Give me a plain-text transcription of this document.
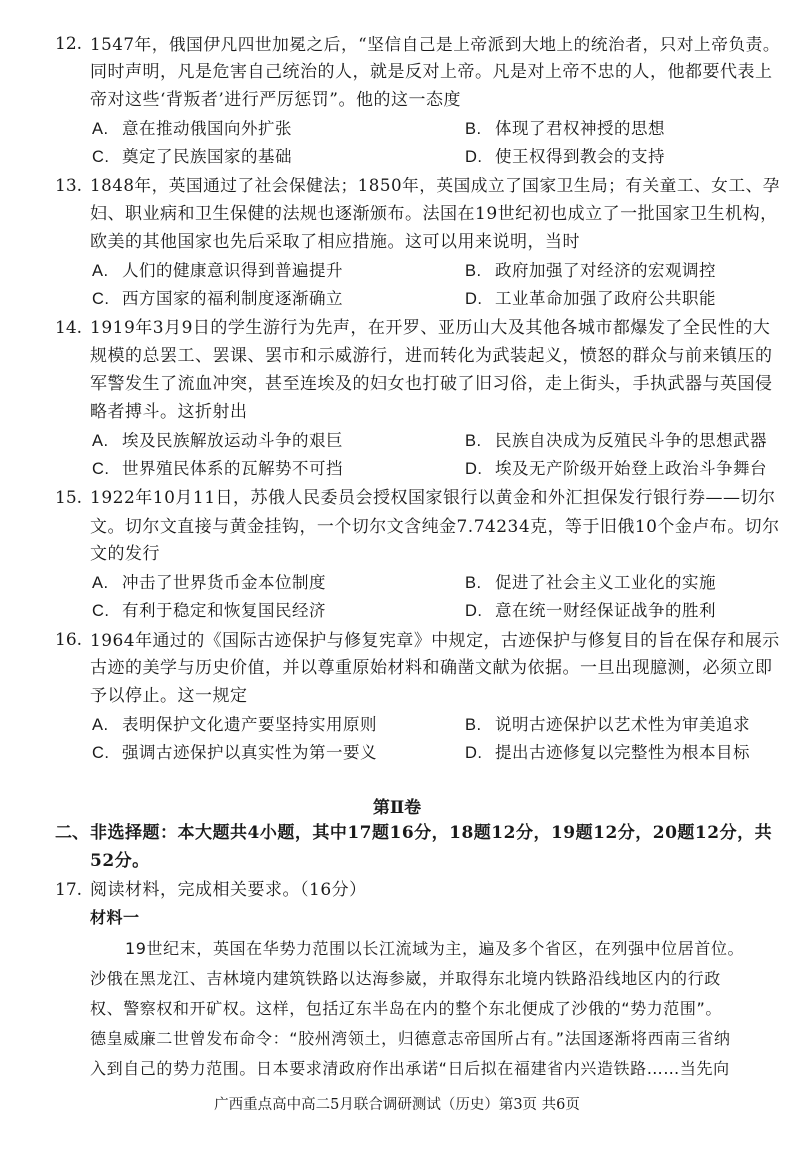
12. 1547年，俄国伊凡四世加冕之后，“坚信自己是上帝派到大地上的统治者，只对上帝负责。
同时声明，凡是危害自己统治的人，就是反对上帝。凡是对上帝不忠的人，他都要代表上
帝对这些‘背叛者’进行严厉惩罚”。他的这一态度
A. 意在推动俄国向外扩张	B. 体现了君权神授的思想
C. 奠定了民族国家的基础	D. 使王权得到教会的支持
13. 1848年，英国通过了社会保健法；1850年，英国成立了国家卫生局；有关童工、女工、孕
妇、职业病和卫生保健的法规也逐渐颁布。法国在19世纪初也成立了一批国家卫生机构，
欧美的其他国家也先后采取了相应措施。这可以用来说明，当时
A. 人们的健康意识得到普遍提升	B. 政府加强了对经济的宏观调控
C. 西方国家的福利制度逐渐确立	D. 工业革命加强了政府公共职能
14. 1919年3月9日的学生游行为先声，在开罗、亚历山大及其他各城市都爆发了全民性的大
规模的总罢工、罢课、罢市和示威游行，进而转化为武装起义，愤怒的群众与前来镇压的
军警发生了流血冲突，甚至连埃及的妇女也打破了旧习俗，走上街头，手执武器与英国侵
略者搏斗。这折射出
A. 埃及民族解放运动斗争的艰巨	B. 民族自决成为反殖民斗争的思想武器
C. 世界殖民体系的瓦解势不可挡	D. 埃及无产阶级开始登上政治斗争舞台
15. 1922年10月11日，苏俄人民委员会授权国家银行以黄金和外汇担保发行银行券——切尔
文。切尔文直接与黄金挂钩，一个切尔文含纯金7.74234克，等于旧俄10个金卢布。切尔
文的发行
A. 冲击了世界货币金本位制度	B. 促进了社会主义工业化的实施
C. 有利于稳定和恢复国民经济	D. 意在统一财经保证战争的胜利
16. 1964年通过的《国际古迹保护与修复宪章》中规定，古迹保护与修复目的旨在保存和展示
古迹的美学与历史价值，并以尊重原始材料和确凿文献为依据。一旦出现臆测，必须立即
予以停止。这一规定
A. 表明保护文化遗产要坚持实用原则	B. 说明古迹保护以艺术性为审美追求
C. 强调古迹保护以真实性为第一要义	D. 提出古迹修复以完整性为根本目标
第Ⅱ卷
二、 非选择题：本大题共4小题，其中17题16分，18题12分，19题12分，20题12分，共
52分。
17. 阅读材料，完成相关要求。（16分）
材料一
19世纪末，英国在华势力范围以长江流域为主，遍及多个省区，在列强中位居首位。
沙俄在黑龙江、吉林境内建筑铁路以达海参崴，并取得东北境内铁路沿线地区内的行政
权、警察权和开矿权。这样，包括辽东半岛在内的整个东北便成了沙俄的“势力范围”。
德皇威廉二世曾发布命令：“胶州湾领土，归德意志帝国所占有。”法国逐渐将西南三省纳
入到自己的势力范围。日本要求清政府作出承诺“日后拟在福建省内兴造铁路……当先向
广西重点高中高二5月联合调研测试（历史）第3页 共6页
